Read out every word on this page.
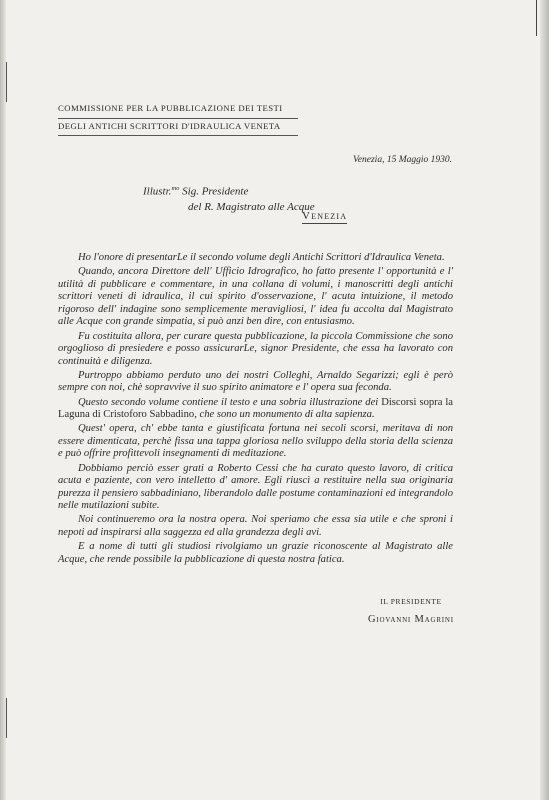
COMMISSIONE PER LA PUBBLICAZIONE DEI TESTI
DEGLI ANTICHI SCRITTORI D'IDRAULICA VENETA
Venezia, 15 Maggio 1930.
Illustr.$^{mo}$ Sig. Presidente
del R. Magistrato alle Acque
Venezia

Ho l'onore di presentarLe il secondo volume degli Antichi Scrittori d'Idraulica Veneta.

Quando, ancora Direttore dell' Ufficio Idrografico, ho fatto presente l' opportunità e l' utilità di pubblicare e commentare, in una collana di volumi, i manoscritti degli antichi scrittori veneti di idraulica, il cui spirito d'osservazione, l' acuta intuizione, il metodo rigoroso dell' indagine sono semplicemente meravigliosi, l' idea fu accolta dal Magistrato alle Acque con grande simpatia, si può anzi ben dire, con entusiasmo.

Fu costituita allora, per curare questa pubblicazione, la piccola Commissione che sono orgoglioso di presiedere e posso assicurarLe, signor Presidente, che essa ha lavorato con continuità e diligenza.

Purtroppo abbiamo perduto uno dei nostri Colleghi, Arnaldo Segarizzi; egli è però sempre con noi, chè sopravvive il suo spirito animatore e l' opera sua feconda.

Questo secondo volume contiene il testo e una sobria illustrazione dei Discorsi sopra la Laguna di Cristoforo Sabbadino, che sono un monumento di alta sapienza.

Quest' opera, ch' ebbe tanta e giustificata fortuna nei secoli scorsi, meritava di non essere dimenticata, perchè fissa una tappa gloriosa nello sviluppo della storia della scienza e può offrire profittevoli insegnamenti di meditazione.

Dobbiamo perciò esser grati a Roberto Cessi che ha curato questo lavoro, di critica acuta e paziente, con vero intelletto d' amore. Egli riuscì a restituire nella sua originaria purezza il pensiero sabbadiniano, liberandolo dalle postume contaminazioni ed integrandolo nelle mutilazioni subite.

Noi continueremo ora la nostra opera. Noi speriamo che essa sia utile e che sproni i nepoti ad inspirarsi alla saggezza ed alla grandezza degli avi.

E a nome di tutti gli studiosi rivolgiamo un grazie riconoscente al Magistrato alle Acque, che rende possibile la pubblicazione di questa nostra fatica.

IL PRESIDENTE
Giovanni Magrini
